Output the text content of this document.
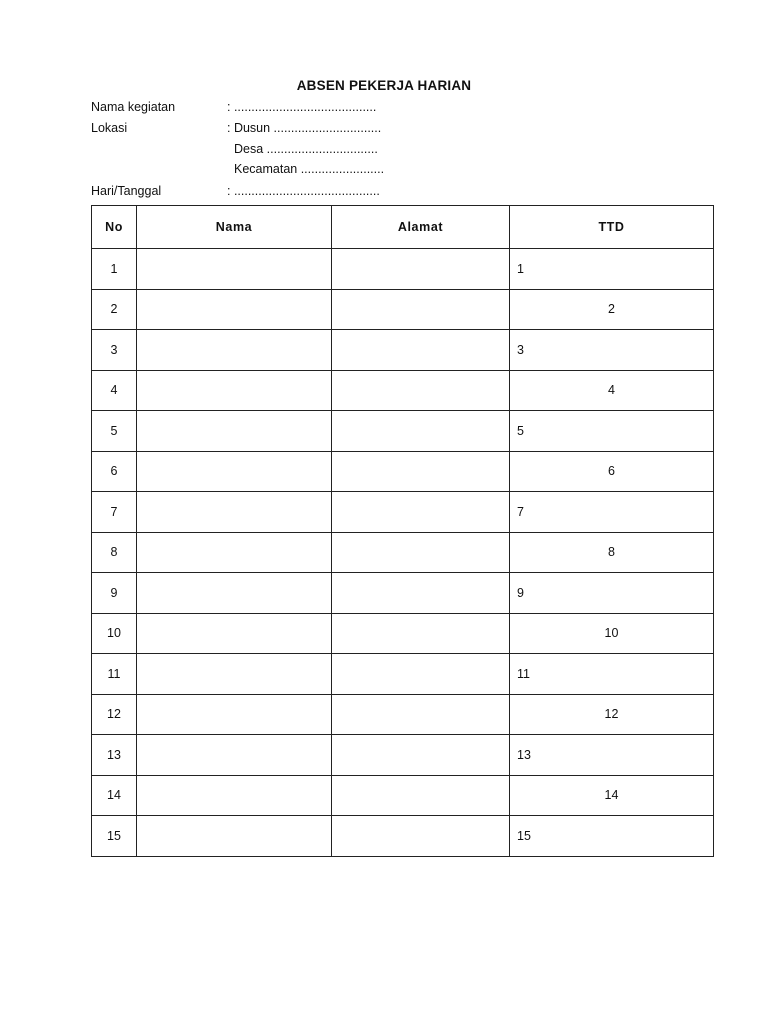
ABSEN PEKERJA HARIAN
Nama kegiatan	: .........................................
Lokasi	: Dusun ...............................
Desa ................................
Kecamatan ........................
Hari/Tanggal	: ..........................................
No	Nama	Alamat	TTD
1			1
2			2
3			3
4			4
5			5
6			6
7			7
8			8
9			9
10			10
11			11
12			12
13			13
14			14
15			15
